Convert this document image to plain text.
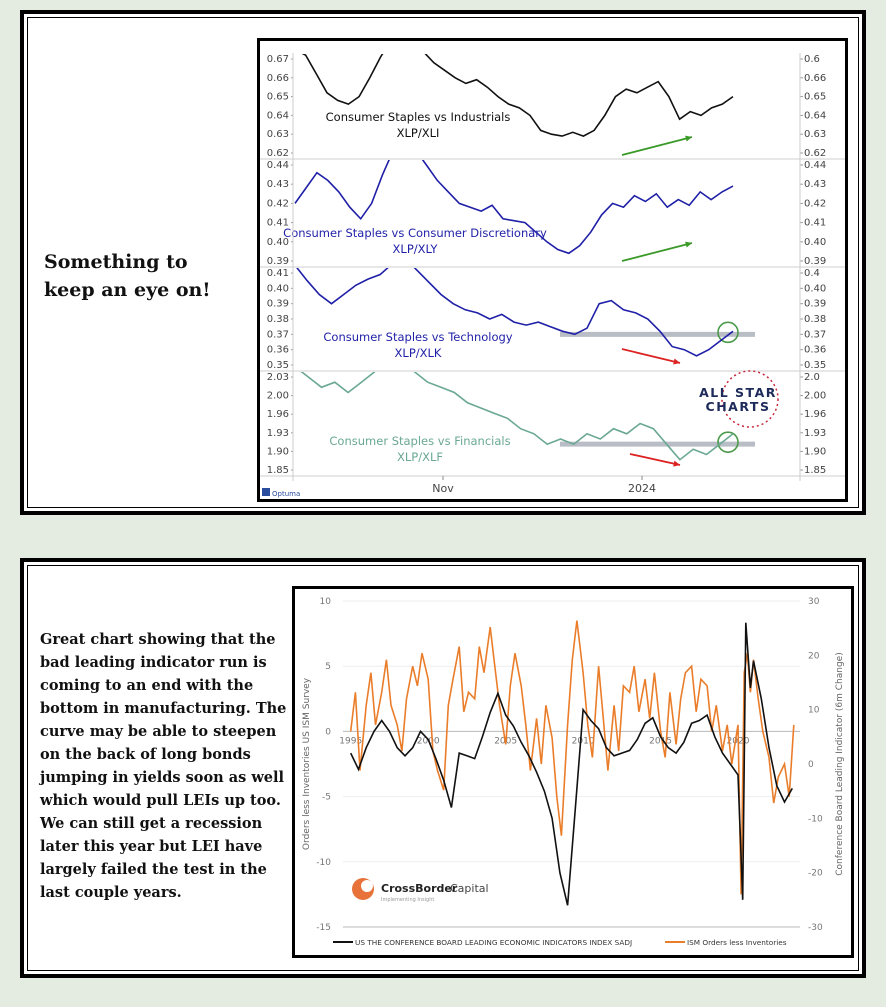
Something to keep an eye on!
0.67
0.66
0.65
0.64
0.63
0.62
0.6
0.66
0.65
0.64
0.63
0.62
Consumer Staples vs Industrials
XLP/XLI
0.44
0.43
0.42
0.41
0.40
0.39
0.44
0.43
0.42
0.41
0.40
0.39
Consumer Staples vs Consumer Discretionary
XLP/XLY
0.41
0.40
0.39
0.38
0.37
0.36
0.35
0.4
0.40
0.39
0.38
0.37
0.36
0.35
Consumer Staples vs Technology
XLP/XLK
2.03
2.00
1.96
1.93
1.90
1.85
2.0
2.00
1.96
1.93
1.90
1.85
Consumer Staples vs Financials
XLP/XLF
Nov	2024
ALL STAR
CHARTS
Optuma
Great chart showing that the bad leading indicator run is coming to an end with the bottom in manufacturing. The curve may be able to steepen on the back of long bonds jumping in yields soon as well which would pull LEIs up too. We can still get a recession later this year but LEI have largely failed the test in the last couple years.
10
5
0
-5
-10
-15
30
20
10
0
-10
-20
-30
1995	2000	2005	2010	2015	2020
Orders less Inventories US ISM Survey	Conference Board Leading Indicator (6m Change)
CrossBorder
Capital
Implementing Insight
US THE CONFERENCE BOARD LEADING ECONOMIC INDICATORS INDEX SADJ	ISM Orders less Inventories
